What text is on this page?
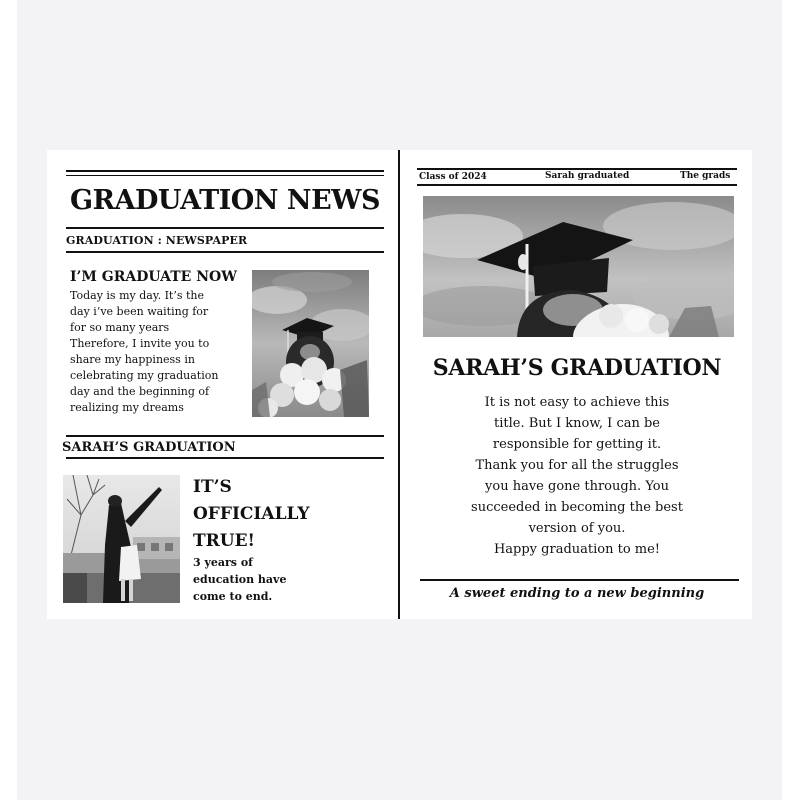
GRADUATION NEWS
GRADUATION : NEWSPAPER
I’M GRADUATE NOW
Today is my day. It’s the
day i’ve been waiting for
for so many years
Therefore, I invite you to
share my happiness in
celebrating my graduation
day and the beginning of
realizing my dreams
SARAH’S GRADUATION
IT’S
OFFICIALLY
TRUE!
3 years of
education have
come to end.
Class of 2024	Sarah graduated	The grads
SARAH’S GRADUATION
It is not easy to achieve this
title. But I know, I can be
responsible for getting it.
Thank you for all the struggles
you have gone through. You
succeeded in becoming the best
version of you.
Happy graduation to me!
A sweet ending to a new beginning
